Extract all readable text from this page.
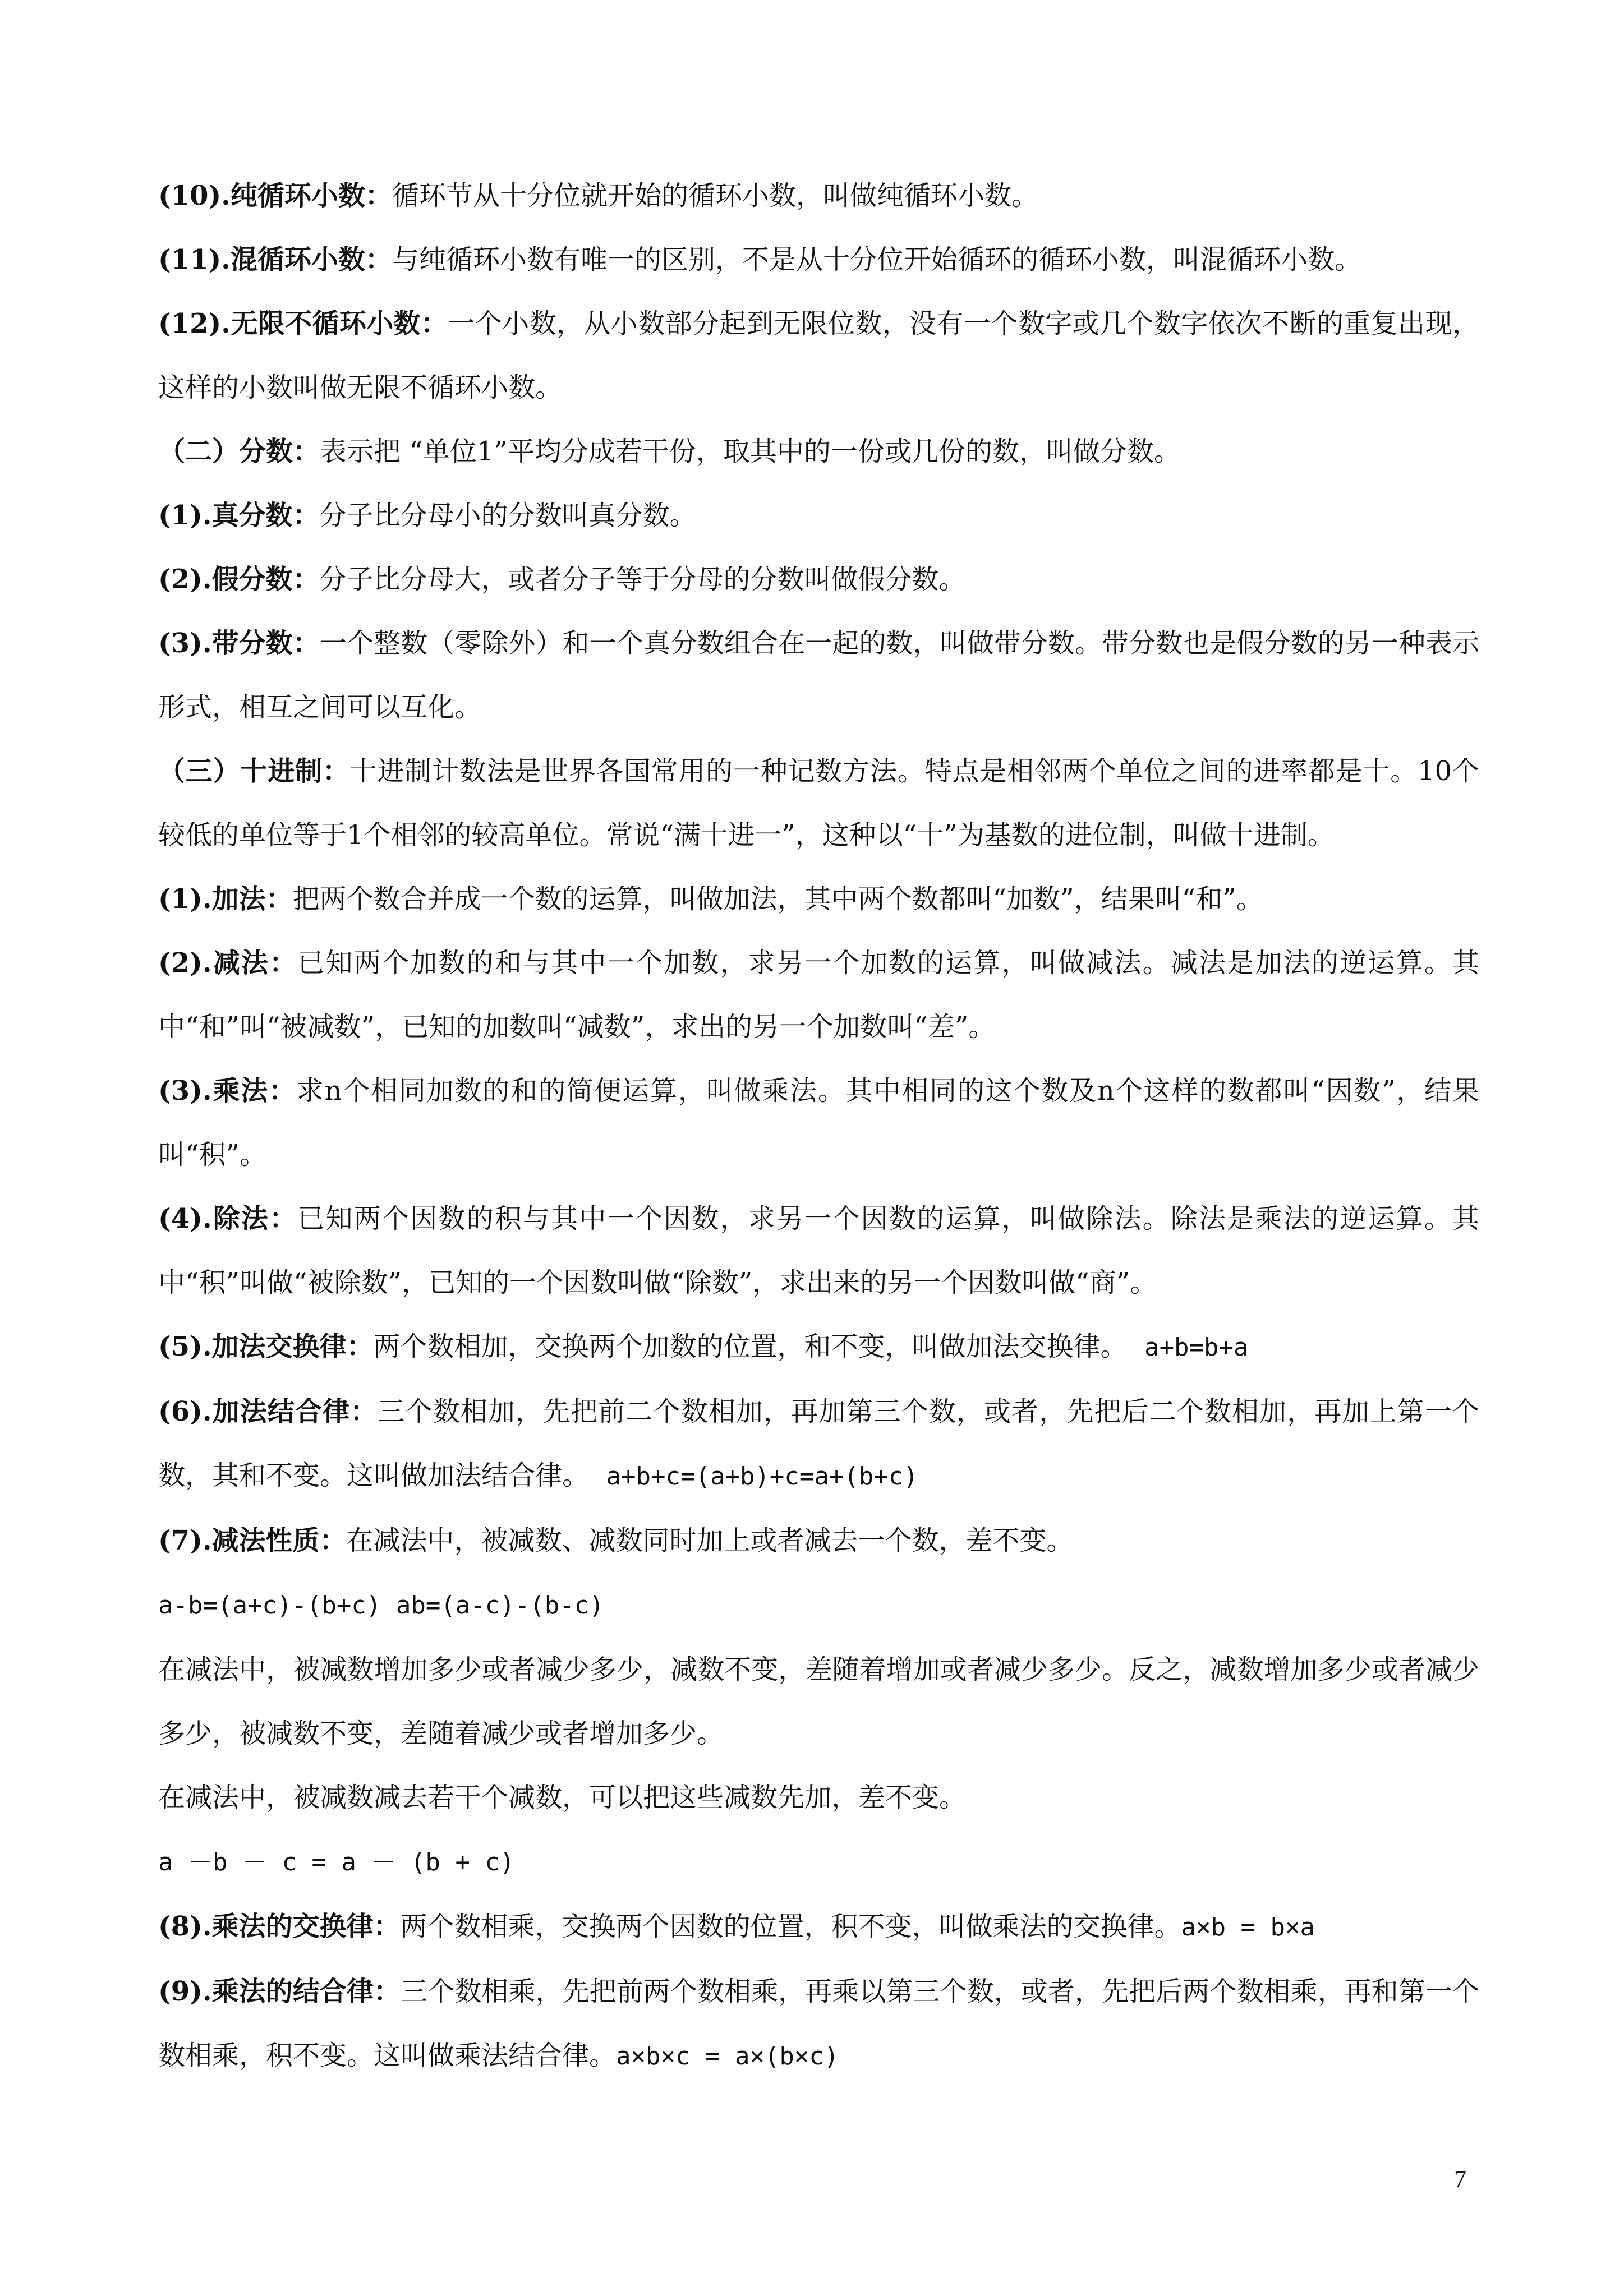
(10).纯循环小数：循环节从十分位就开始的循环小数，叫做纯循环小数。

(11).混循环小数：与纯循环小数有唯一的区别，不是从十分位开始循环的循环小数，叫混循环小数。

(12).无限不循环小数：一个小数，从小数部分起到无限位数，没有一个数字或几个数字依次不断的重复出现，这样的小数叫做无限不循环小数。

（二）分数：表示把 “单位1”平均分成若干份，取其中的一份或几份的数，叫做分数。

(1).真分数：分子比分母小的分数叫真分数。

(2).假分数：分子比分母大，或者分子等于分母的分数叫做假分数。

(3).带分数：一个整数（零除外）和一个真分数组合在一起的数，叫做带分数。带分数也是假分数的另一种表示形式，相互之间可以互化。

（三）十进制：十进制计数法是世界各国常用的一种记数方法。特点是相邻两个单位之间的进率都是十。10个较低的单位等于1个相邻的较高单位。常说“满十进一”，这种以“十”为基数的进位制，叫做十进制。

(1).加法：把两个数合并成一个数的运算，叫做加法，其中两个数都叫“加数”，结果叫“和”。

(2).减法：已知两个加数的和与其中一个加数，求另一个加数的运算，叫做减法。减法是加法的逆运算。其中“和”叫“被减数”，已知的加数叫“减数”，求出的另一个加数叫“差”。

(3).乘法：求n个相同加数的和的简便运算，叫做乘法。其中相同的这个数及n个这样的数都叫“因数”，结果叫“积”。

(4).除法：已知两个因数的积与其中一个因数，求另一个因数的运算，叫做除法。除法是乘法的逆运算。其中“积”叫做“被除数”，已知的一个因数叫做“除数”，求出来的另一个因数叫做“商”。

(5).加法交换律：两个数相加，交换两个加数的位置，和不变，叫做加法交换律。 a+b=b+a

(6).加法结合律：三个数相加，先把前二个数相加，再加第三个数，或者，先把后二个数相加，再加上第一个数，其和不变。这叫做加法结合律。 a+b+c=(a+b)+c=a+(b+c)

(7).减法性质：在减法中，被减数、减数同时加上或者减去一个数，差不变。

a-b=(a+c)-(b+c) ab=(a-c)-(b-c)

在减法中，被减数增加多少或者减少多少，减数不变，差随着增加或者减少多少。反之，减数增加多少或者减少多少，被减数不变，差随着减少或者增加多少。

在减法中，被减数减去若干个减数，可以把这些减数先加，差不变。

a －b － c = a － (b + c)

(8).乘法的交换律：两个数相乘，交换两个因数的位置，积不变，叫做乘法的交换律。a×b = b×a

(9).乘法的结合律：三个数相乘，先把前两个数相乘，再乘以第三个数，或者，先把后两个数相乘，再和第一个数相乘，积不变。这叫做乘法结合律。a×b×c = a×(b×c)

7
